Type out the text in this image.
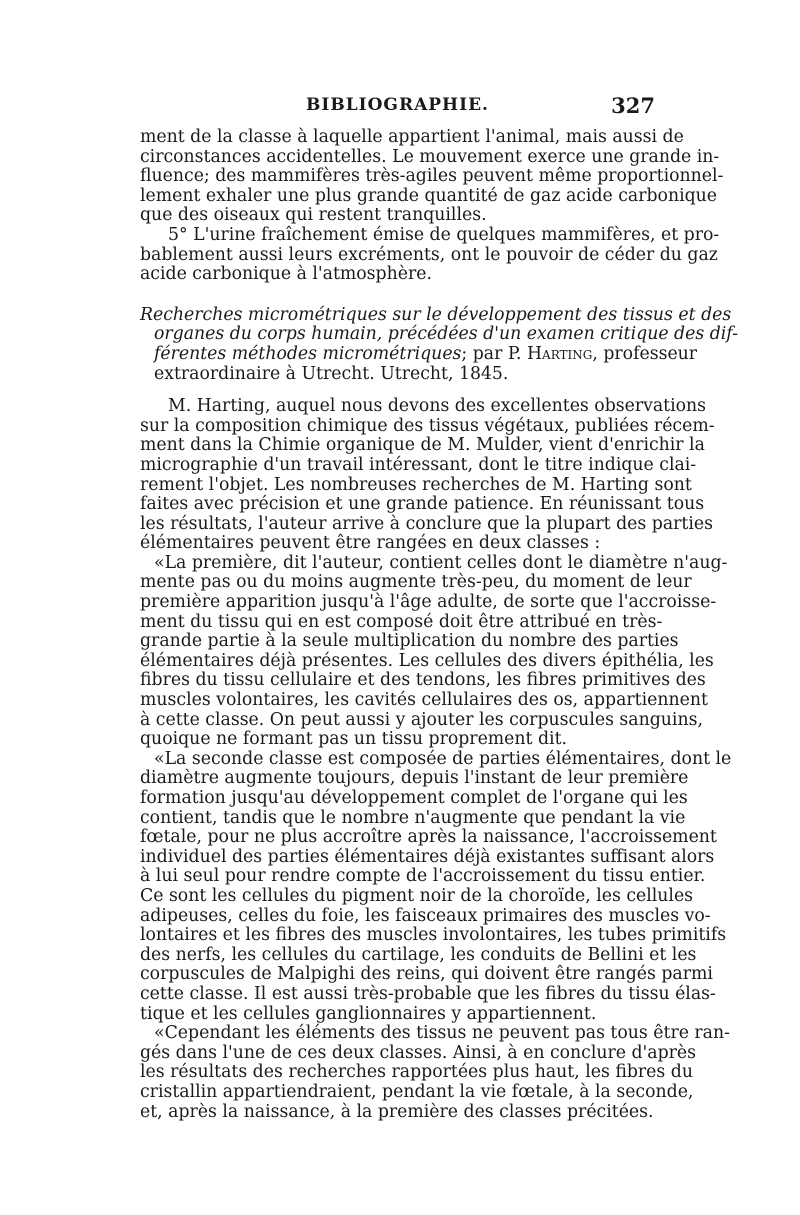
BIBLIOGRAPHIE.	327

ment de la classe à laquelle appartient l'animal, mais aussi de
circonstances accidentelles. Le mouvement exerce une grande in-
fluence; des mammifères très-agiles peuvent même proportionnel-
lement exhaler une plus grande quantité de gaz acide carbonique
que des oiseaux qui restent tranquilles.

5° L'urine fraîchement émise de quelques mammifères, et pro-
bablement aussi leurs excréments, ont le pouvoir de céder du gaz
acide carbonique à l'atmosphère.

Recherches micrométriques sur le développement des tissus et des
organes du corps humain, précédées d'un examen critique des dif-
férentes méthodes micrométriques; par P. Harting, professeur
extraordinaire à Utrecht. Utrecht, 1845.

M. Harting, auquel nous devons des excellentes observations
sur la composition chimique des tissus végétaux, publiées récem-
ment dans la Chimie organique de M. Mulder, vient d'enrichir la
micrographie d'un travail intéressant, dont le titre indique clai-
rement l'objet. Les nombreuses recherches de M. Harting sont
faites avec précision et une grande patience. En réunissant tous
les résultats, l'auteur arrive à conclure que la plupart des parties
élémentaires peuvent être rangées en deux classes :

«La première, dit l'auteur, contient celles dont le diamètre n'aug-
mente pas ou du moins augmente très-peu, du moment de leur
première apparition jusqu'à l'âge adulte, de sorte que l'accroisse-
ment du tissu qui en est composé doit être attribué en très-
grande partie à la seule multiplication du nombre des parties
élémentaires déjà présentes. Les cellules des divers épithélia, les
fibres du tissu cellulaire et des tendons, les fibres primitives des
muscles volontaires, les cavités cellulaires des os, appartiennent
à cette classe. On peut aussi y ajouter les corpuscules sanguins,
quoique ne formant pas un tissu proprement dit.

«La seconde classe est composée de parties élémentaires, dont le
diamètre augmente toujours, depuis l'instant de leur première
formation jusqu'au développement complet de l'organe qui les
contient, tandis que le nombre n'augmente que pendant la vie
fœtale, pour ne plus accroître après la naissance, l'accroissement
individuel des parties élémentaires déjà existantes suffisant alors
à lui seul pour rendre compte de l'accroissement du tissu entier.
Ce sont les cellules du pigment noir de la choroïde, les cellules
adipeuses, celles du foie, les faisceaux primaires des muscles vo-
lontaires et les fibres des muscles involontaires, les tubes primitifs
des nerfs, les cellules du cartilage, les conduits de Bellini et les
corpuscules de Malpighi des reins, qui doivent être rangés parmi
cette classe. Il est aussi très-probable que les fibres du tissu élas-
tique et les cellules ganglionnaires y appartiennent.

«Cependant les éléments des tissus ne peuvent pas tous être ran-
gés dans l'une de ces deux classes. Ainsi, à en conclure d'après
les résultats des recherches rapportées plus haut, les fibres du
cristallin appartiendraient, pendant la vie fœtale, à la seconde,
et, après la naissance, à la première des classes précitées.
